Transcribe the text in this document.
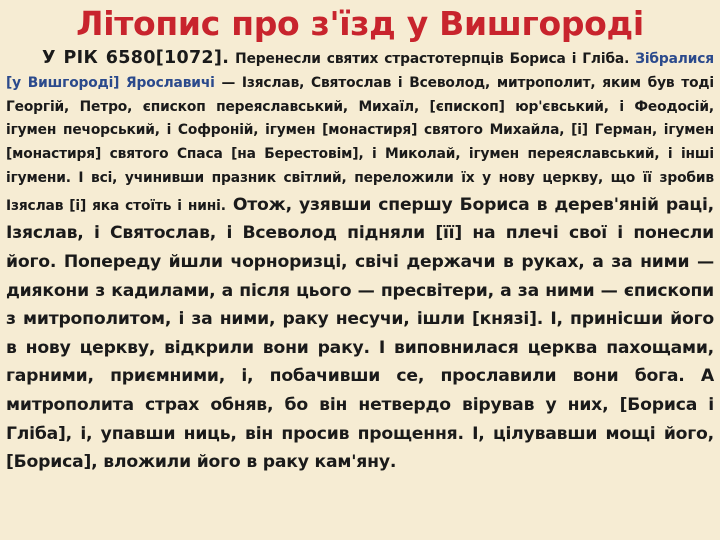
Літопис про з'їзд у Вишгороді
У РІК 6580[1072]. Перенесли святих страстотерпців Бориса і Гліба. Зібралися [у Вишгороді] Ярославичі — Ізяслав, Святослав і Всеволод, митрополит, яким був тоді Георгій, Петро, єпископ переяславський, Михаїл, [єпископ] юр'євський, і Феодосій, ігумен печорський, і Софроній, ігумен [монастиря] святого Михайла, [і] Герман, ігумен [монастиря] святого Спаса [на Берестовім], і Миколай, ігумен переяславський, і інші ігумени. І всі, учинивши празник світлий, переложили їх у нову церкву, що її зробив Ізяслав [і] яка стоїть і нині. Отож, узявши спершу Бориса в дерев'яній раці, Ізяслав, і Святослав, і Всеволод підняли [її] на плечі свої і понесли його. Попереду йшли чорноризці, свічі держачи в руках, а за ними — диякони з кадилами, а після цього — пресвітери, а за ними — єпископи з митрополитом, і за ними, раку несучи, ішли [князі]. І, принісши його в нову церкву, відкрили вони раку. І виповнилася церква пахощами, гарними, приємними, і, побачивши се, прославили вони бога. А митрополита страх обняв, бо він нетвердо вірував у них, [Бориса і Гліба], і, упавши ниць, він просив прощення. І, цілувавши мощі його, [Бориса], вложили його в раку кам'яну.
